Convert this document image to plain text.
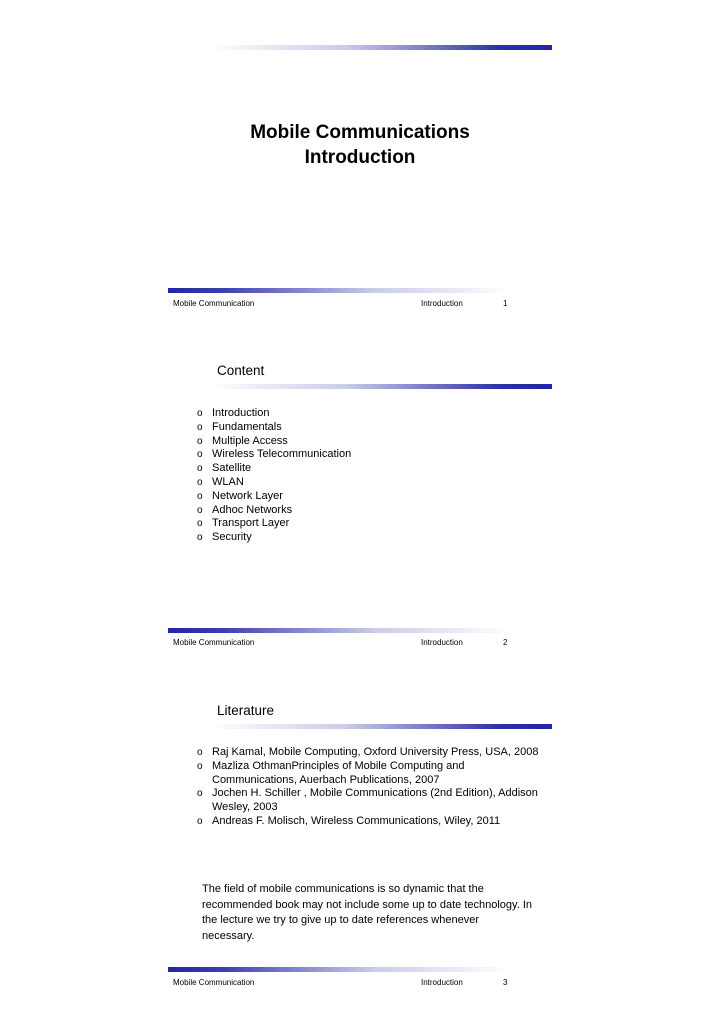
Mobile Communications
Introduction
Mobile Communication	Introduction	1
Content
o Introduction
o Fundamentals
o Multiple Access
o Wireless Telecommunication
o Satellite
o WLAN
o Network Layer
o Adhoc Networks
o Transport Layer
o Security
Mobile Communication	Introduction	2
Literature
o Raj Kamal, Mobile Computing, Oxford University Press, USA, 2008
o Mazliza OthmanPrinciples of Mobile Computing and Communications, Auerbach Publications, 2007
o Jochen H. Schiller , Mobile Communications (2nd Edition), Addison Wesley, 2003
o Andreas F. Molisch, Wireless Communications, Wiley, 2011
The field of mobile communications is so dynamic that the recommended book may not include some up to date technology. In the lecture we try to give up to date references whenever necessary.
Mobile Communication	Introduction	3
